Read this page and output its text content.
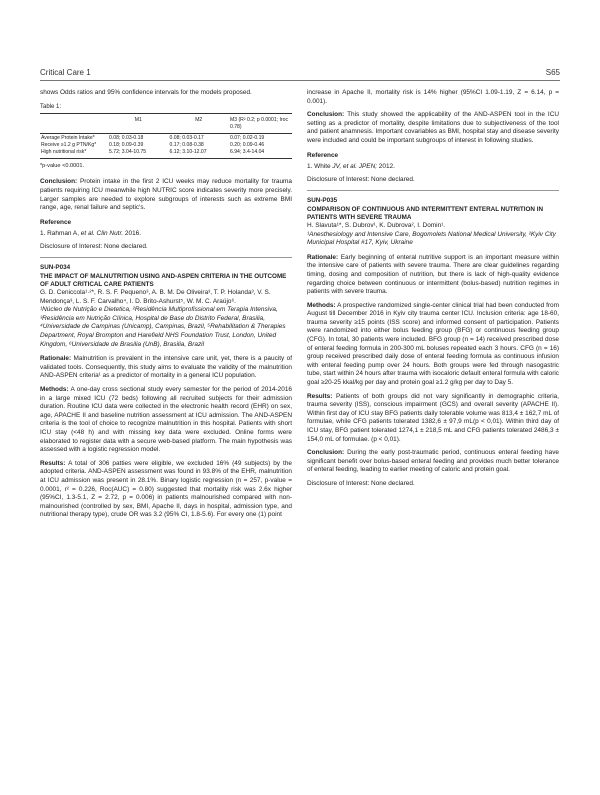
Critical Care 1	S65

shows Odds ratios and 95% confidence intervals for the models proposed.

Table 1:
	M1	M2	M3 (R² 0.2; p 0.0001; Iroc 0.78)
Average Protein Intake*	0.08; 0.03-0.18	0.08; 0.03-0.17	0.07; 0.02-0.19
Receive ≥1.2 g PTN/Kg*	0.18; 0.09-0.39	0.17; 0.08-0.38	0.20; 0.09-0.46
High nutritional risk*	5.72; 3.04-10.75	6.12; 3.10-12.07	6.94; 3.4-14.04
*p-value <0.0001.

Conclusion: Protein intake in the first 2 ICU weeks may reduce mortality for trauma patients requiring ICU meanwhile high NUTRIC score indicates severity more precisely. Larger samples are needed to explore subgroups of interests such as extreme BMI range, age, renal failure and septic's.

Reference
1. Rahman A, et al. Clin Nutr. 2016.
Disclosure of Interest: None declared.
SUN-P034
THE IMPACT OF MALNUTRITION USING AND-ASPEN CRITERIA IN THE OUTCOME OF ADULT CRITICAL CARE PATIENTS
G. D. Ceniccola¹·²*, R. S. F. Pequeno³, A. B. M. De Oliveira³, T. P. Holanda³, V. S. Mendonça³, L. S. F. Carvalho⁴, I. D. Brito-Ashurst⁵, W. M. C. Araújo⁶.
¹Núcleo de Nutrição e Dietetica, ²Residência Multiprofissional em Terapia Intensiva, ³Residência em Nutrição Clínica, Hospital de Base do Distrito Federal, Brasilia, ⁴Universidade de Campinas (Unicamp), Campinas, Brazil, ⁵Rehabilitation & Therapies Department, Royal Brompton and Harefield NHS Foundation Trust, London, United Kingdom, ⁶Universidade de Brasilia (UnB), Brasilia, Brazil

Rationale: Malnutrition is prevalent in the intensive care unit, yet, there is a paucity of validated tools. Consequently, this study aims to evaluate the validity of the malnutrition AND-ASPEN criteria¹ as a predictor of mortality in a general ICU population.

Methods: A one-day cross sectional study every semester for the period of 2014-2016 in a large mixed ICU (72 beds) following all recruited subjects for their admission duration. Routine ICU data were collected in the electronic health record (EHR) on sex, age, APACHE II and baseline nutrition assessment at ICU admission. The AND-ASPEN criteria is the tool of choice to recognize malnutrition in this hospital. Patients with short ICU stay (<48 h) and with missing key data were excluded. Online forms were elaborated to register data with a secure web-based platform. The main hypothesis was assessed with a logistic regression model.

Results: A total of 306 patties were eligible, we excluded 16% (49 subjects) by the adopted criteria. AND-ASPEN assessment was found in 93.8% of the EHR, malnutrition at ICU admission was present in 28.1%. Binary logistic regression (n = 257, p-value = 0.0001, r² = 0.226, Roc(AUC) = 0.80) suggested that mortality risk was 2.6x higher (95%CI, 1.3-5.1, Z = 2.72, p = 0.006) in patients malnourished compared with non-malnourished (controlled by sex, BMI, Apache II, days in hospital, admission type, and nutritional therapy type), crude OR was 3.2 (95% CI, 1.8-5.6). For every one (1) point

increase in Apache II, mortality risk is 14% higher (95%CI 1.09-1.19, Z = 6.14, p = 0.001).

Conclusion: This study showed the applicability of the AND-ASPEN tool in the ICU setting as a predictor of mortality, despite limitations due to subjectiveness of the tool and patient anamnesis. Important covariables as BMI, hospital stay and disease severity were included and could be important subgroups of interest in following studies.

Reference
1. White JV, et al. JPEN; 2012.
Disclosure of Interest: None declared.
SUN-P035
COMPARISON OF CONTINUOUS AND INTERMITTENT ENTERAL NUTRITION IN PATIENTS WITH SEVERE TRAUMA
H. Slavuta¹*, S. Dubrov¹, K. Dubrova², I. Domin¹.
¹Anesthesiology and Intensive Care, Bogomolets National Medical University, ²Kyiv City Municipal Hospital #17, Kyiv, Ukraine

Rationale: Early beginning of enteral nutritive support is an important measure within the intensive care of patients with severe trauma. There are clear guidelines regarding timing, dosing and composition of nutrition, but there is lack of high-quality evidence regarding choice between continuous or intermittent (bolus-based) nutrition regimes in patients with severe trauma.

Methods: A prospective randomized single-center clinical trial had been conducted from August till December 2016 in Kyiv city trauma center ICU. Inclusion criteria: age 18-60, trauma severity ≥15 points (ISS score) and informed consent of participation. Patients were randomized into either bolus feeding group (BFG) or continuous feeding group (CFG). In total, 30 patients were included. BFG group (n = 14) received prescribed dose of enteral feeding formula in 200-300 mL boluses repeated each 3 hours. CFG (n = 16) group received prescribed daily dose of enteral feeding formula as continuous infusion with enteral feeding pump over 24 hours. Both groups were fed through nasogastric tube, start within 24 hours after trauma with isocaloric default enteral formula with caloric goal ≥20-25 kkal/kg per day and protein goal ≥1.2 g/kg per day to Day 5.

Results: Patients of both groups did not vary significantly in demographic criteria, trauma severity (ISS), conscious impairment (GCS) and overall severity (APACHE II). Within first day of ICU stay BFG patients daily tolerable volume was 813,4 ± 162,7 mL of formulae, while CFG patients tolerated 1382,6 ± 97,9 mL(p < 0,01). Within third day of ICU stay, BFG patient tolerated 1274,1 ± 218,5 mL and CFG patients tolerated 2486,3 ± 154,0 mL of formulae. (p < 0,01).

Conclusion: During the early post-traumatic period, continuous enteral feeding have significant benefit over bolus-based enteral feeding and provides much better tolerance of enteral feeding, leading to earlier meeting of caloric and protein goal.

Disclosure of Interest: None declared.
